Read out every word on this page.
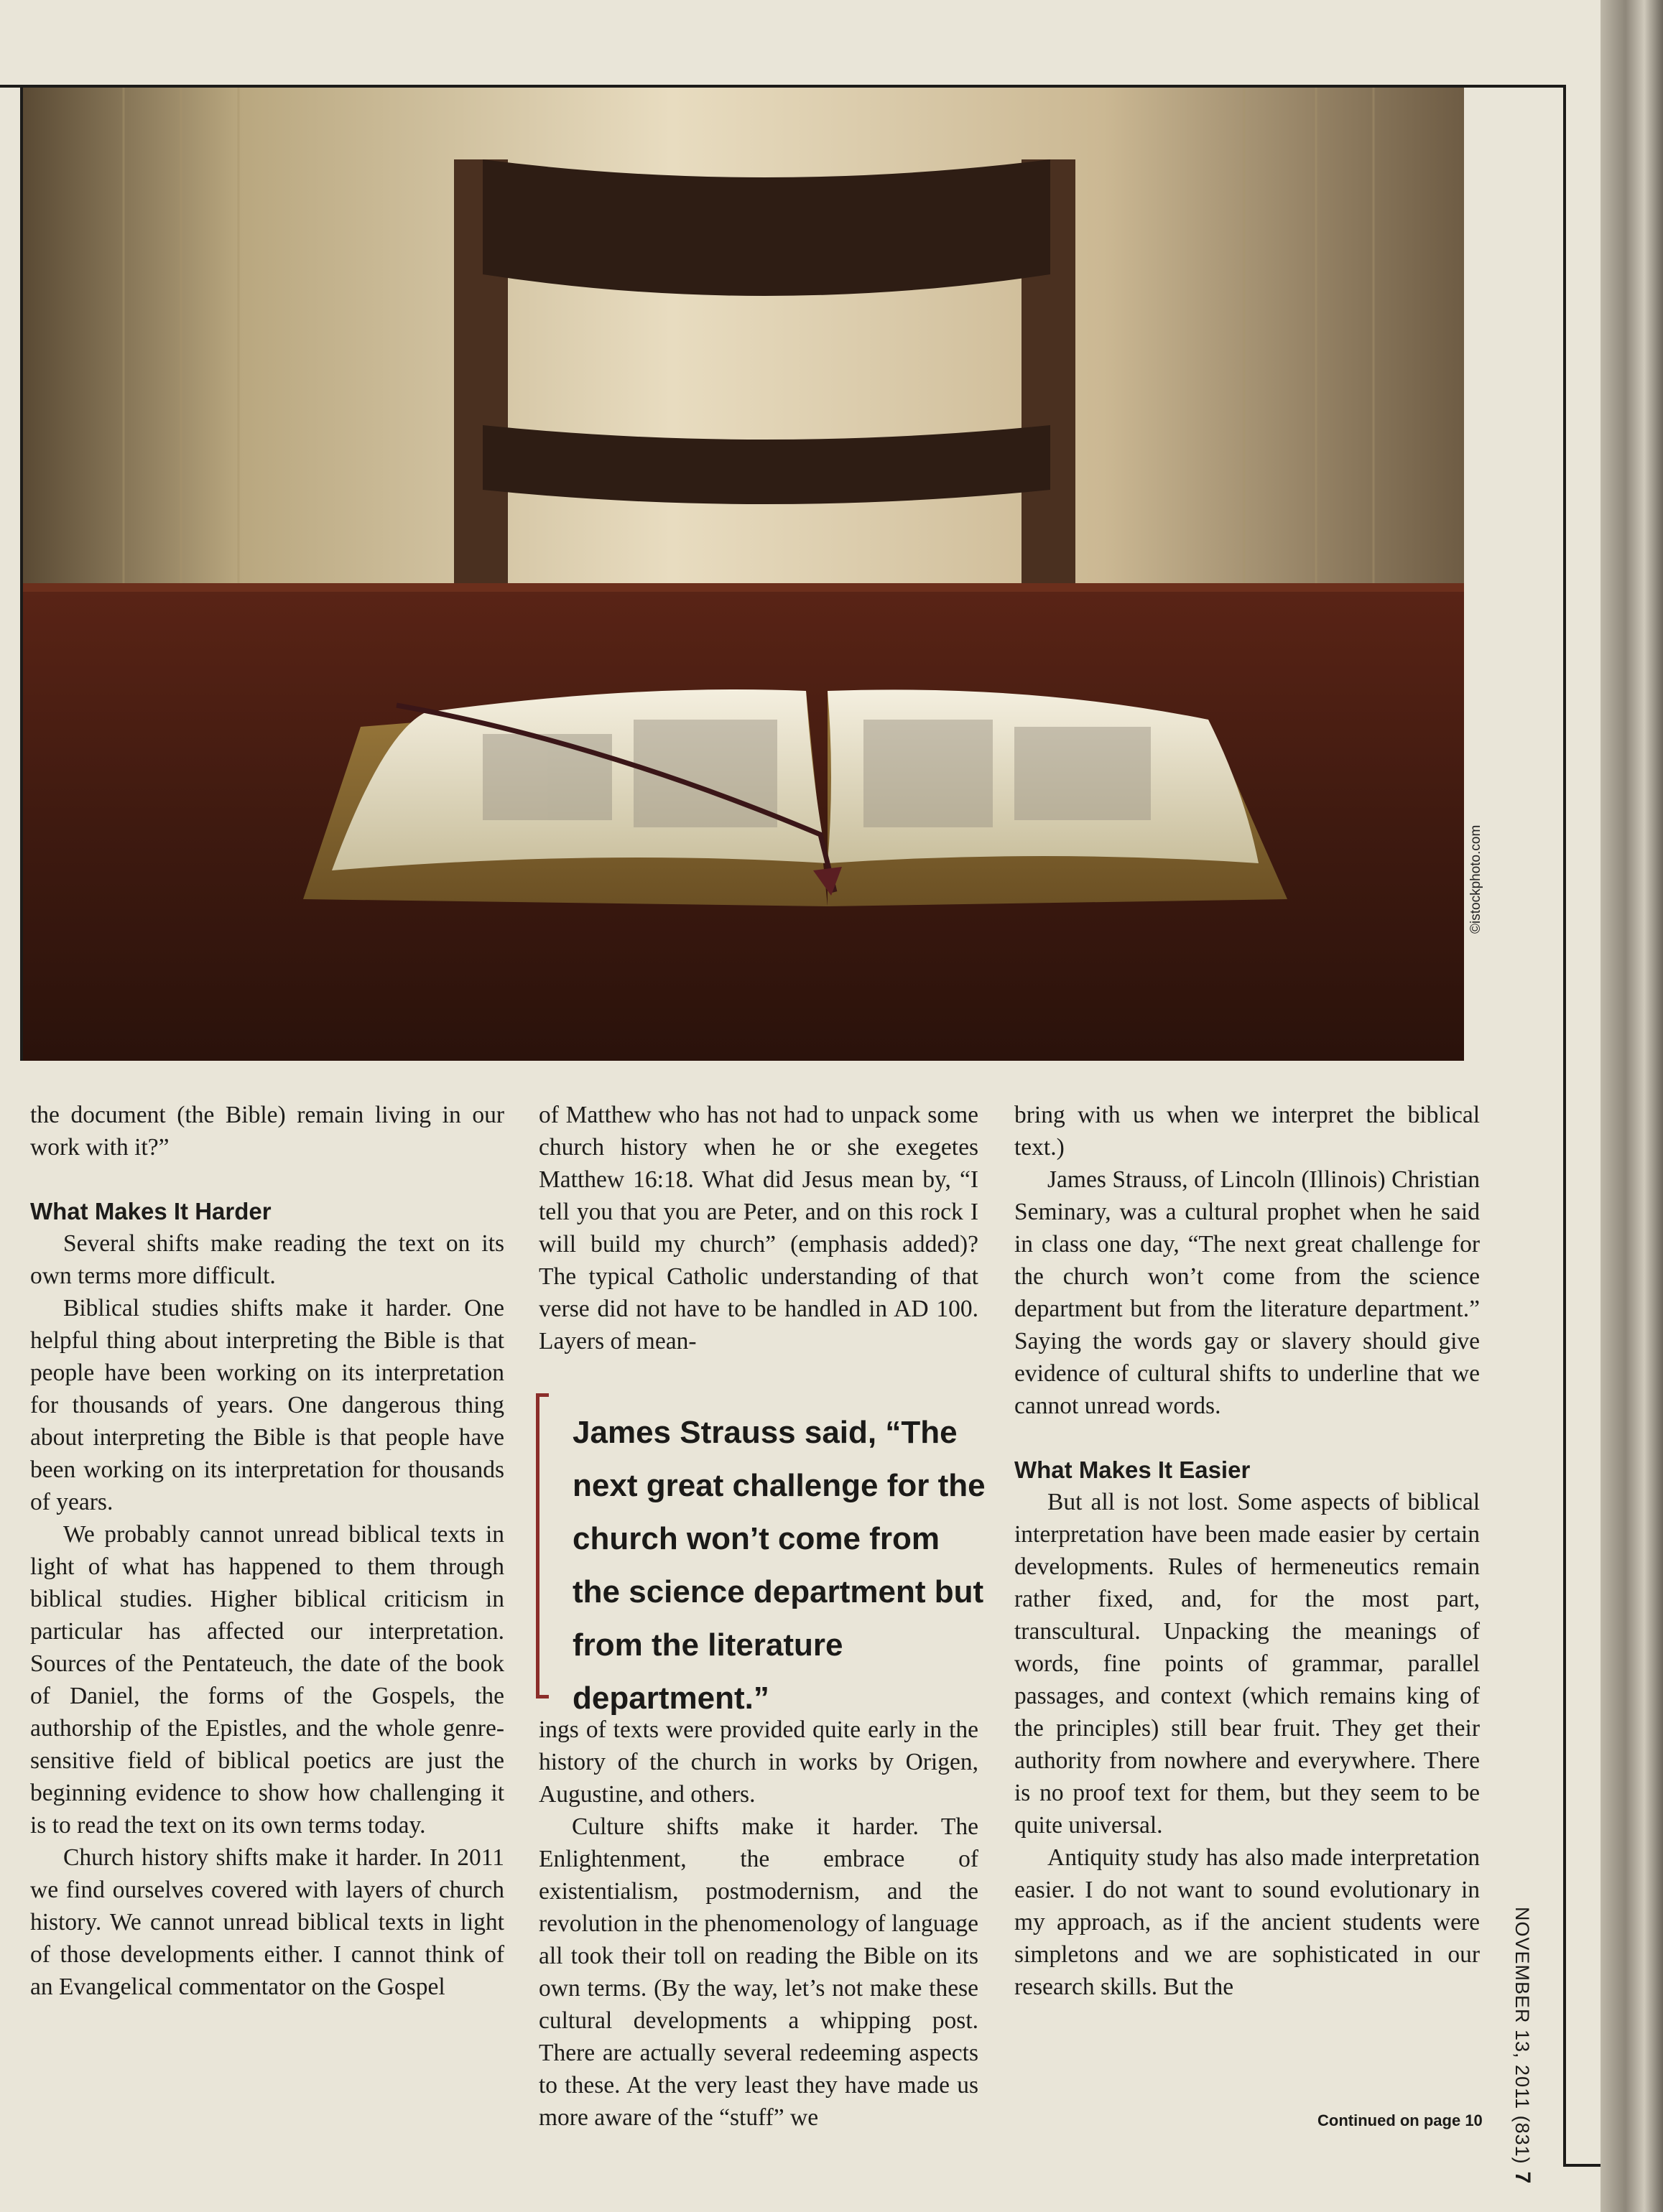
©istockphoto.com

the document (the Bible) remain living in our work with it?”

What Makes It Harder

Several shifts make reading the text on its own terms more difficult.

Biblical studies shifts make it harder. One helpful thing about interpreting the Bible is that people have been working on its interpretation for thousands of years. One dangerous thing about interpreting the Bible is that people have been working on its interpretation for thousands of years.

We probably cannot unread biblical texts in light of what has happened to them through biblical studies. Higher biblical criticism in particular has affected our interpretation. Sources of the Pentateuch, the date of the book of Daniel, the forms of the Gospels, the authorship of the Epistles, and the whole genre-sensitive field of biblical poetics are just the beginning evidence to show how challenging it is to read the text on its own terms today.

Church history shifts make it harder. In 2011 we find ourselves covered with layers of church history. We cannot unread biblical texts in light of those developments either. I cannot think of an Evangelical commentator on the Gospel

of Matthew who has not had to unpack some church history when he or she exegetes Matthew 16:18. What did Jesus mean by, “I tell you that you are Peter, and on this rock I will build my church” (emphasis added)? The typical Catholic understanding of that verse did not have to be handled in AD 100. Layers of mean-

James Strauss said, “The next great challenge for the church won’t come from the science department but from the literature department.”

ings of texts were provided quite early in the history of the church in works by Origen, Augustine, and others.

Culture shifts make it harder. The Enlightenment, the embrace of existentialism, postmodernism, and the revolution in the phenomenology of language all took their toll on reading the Bible on its own terms. (By the way, let’s not make these cultural developments a whipping post. There are actually several redeeming aspects to these. At the very least they have made us more aware of the “stuff” we

bring with us when we interpret the biblical text.)

James Strauss, of Lincoln (Illinois) Christian Seminary, was a cultural prophet when he said in class one day, “The next great challenge for the church won’t come from the science department but from the literature department.” Saying the words gay or slavery should give evidence of cultural shifts to underline that we cannot unread words.

What Makes It Easier

But all is not lost. Some aspects of biblical interpretation have been made easier by certain developments. Rules of hermeneutics remain rather fixed, and, for the most part, transcultural. Unpacking the meanings of words, fine points of grammar, parallel passages, and context (which remains king of the principles) still bear fruit. They get their authority from nowhere and everywhere. There is no proof text for them, but they seem to be quite universal.

Antiquity study has also made interpretation easier. I do not want to sound evolutionary in my approach, as if the ancient students were simpletons and we are sophisticated in our research skills. But the

Continued on page 10 NOVEMBER 13, 2011 (831)7
